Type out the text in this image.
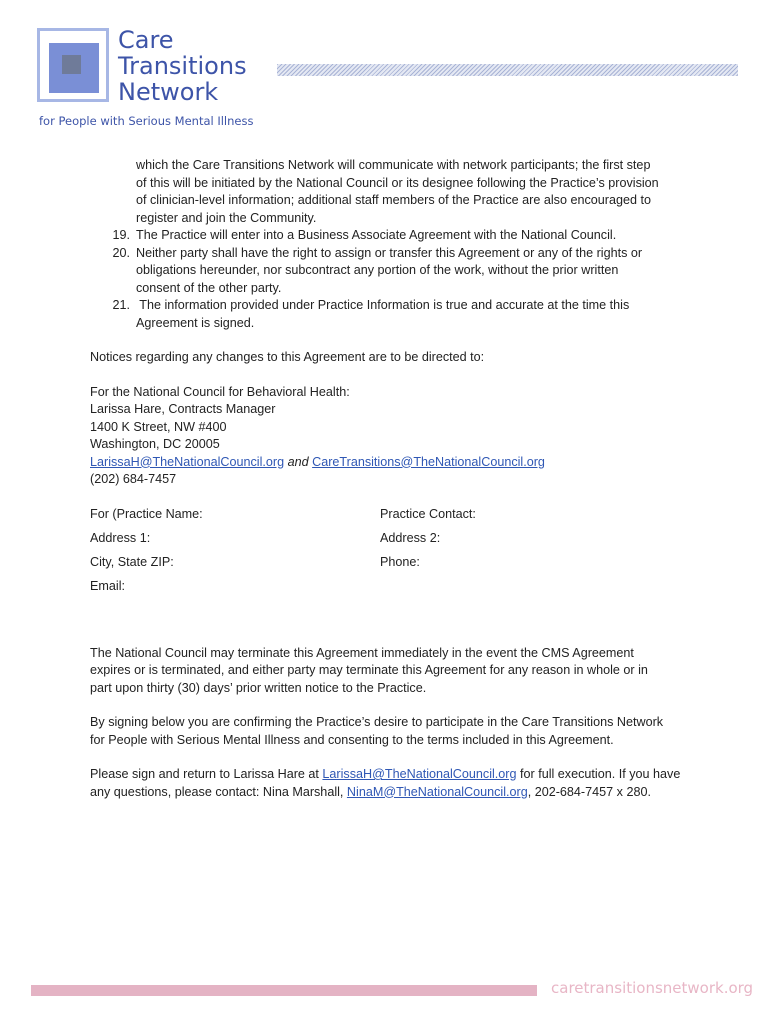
Care
Transitions
Network
for People with Serious Mental Illness

which the Care Transitions Network will communicate with network participants; the first step

of this will be initiated by the National Council or its designee following the Practice’s provision

of clinician-level information; additional staff members of the Practice are also encouraged to

register and join the Community.

19. The Practice will enter into a Business Associate Agreement with the National Council.

20. Neither party shall have the right to assign or transfer this Agreement or any of the rights or

obligations hereunder, nor subcontract any portion of the work, without the prior written

consent of the other party.

21. The information provided under Practice Information is true and accurate at the time this

Agreement is signed.

Notices regarding any changes to this Agreement are to be directed to:

For the National Council for Behavioral Health:

Larissa Hare, Contracts Manager

1400 K Street, NW #400

Washington, DC 20005

LarissaH@TheNationalCouncil.org and CareTransitions@TheNationalCouncil.org

(202) 684-7457

For (Practice Name:	Practice Contact:
Address 1:	Address 2:
City, State ZIP:	Phone:
Email:

The National Council may terminate this Agreement immediately in the event the CMS Agreement

expires or is terminated, and either party may terminate this Agreement for any reason in whole or in

part upon thirty (30) days’ prior written notice to the Practice.

By signing below you are confirming the Practice’s desire to participate in the Care Transitions Network

for People with Serious Mental Illness and consenting to the terms included in this Agreement.

Please sign and return to Larissa Hare at LarissaH@TheNationalCouncil.org for full execution. If you have

any questions, please contact: Nina Marshall, NinaM@TheNationalCouncil.org, 202-684-7457 x 280.

caretransitionsnetwork.org
